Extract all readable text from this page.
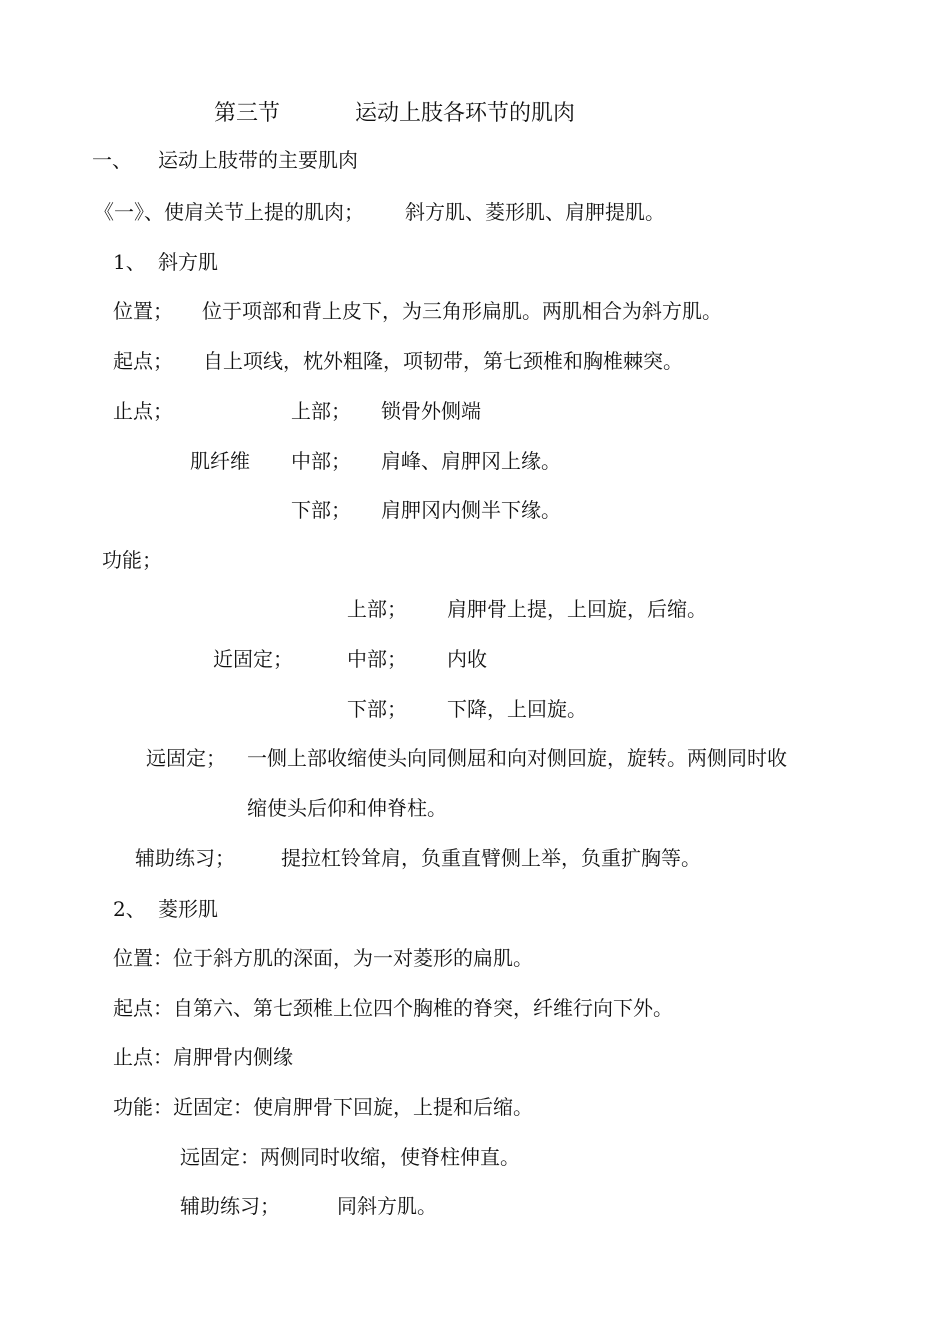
第三节	运动上肢各环节的肌肉
一、 运动上肢带的主要肌肉
《一》、使肩关节上提的肌肉； 斜方肌、菱形肌、肩胛提肌。
1、 斜方肌
位置； 位于项部和背上皮下，为三角形扁肌。两肌相合为斜方肌。
起点； 自上项线，枕外粗隆，项韧带，第七颈椎和胸椎棘突。
止点；	上部； 锁骨外侧端
肌纤维 中部； 肩峰、肩胛冈上缘。
下部； 肩胛冈内侧半下缘。
功能；
上部； 肩胛骨上提，上回旋，后缩。
近固定；	中部； 内收
下部； 下降，上回旋。
远固定； 一侧上部收缩使头向同侧屈和向对侧回旋，旋转。两侧同时收
缩使头后仰和伸脊柱。
辅助练习； 提拉杠铃耸肩，负重直臂侧上举，负重扩胸等。
2、 菱形肌
位置：位于斜方肌的深面，为一对菱形的扁肌。
起点：自第六、第七颈椎上位四个胸椎的脊突，纤维行向下外。
止点：肩胛骨内侧缘
功能：近固定：使肩胛骨下回旋，上提和后缩。
远固定：两侧同时收缩，使脊柱伸直。
辅助练习；	同斜方肌。
